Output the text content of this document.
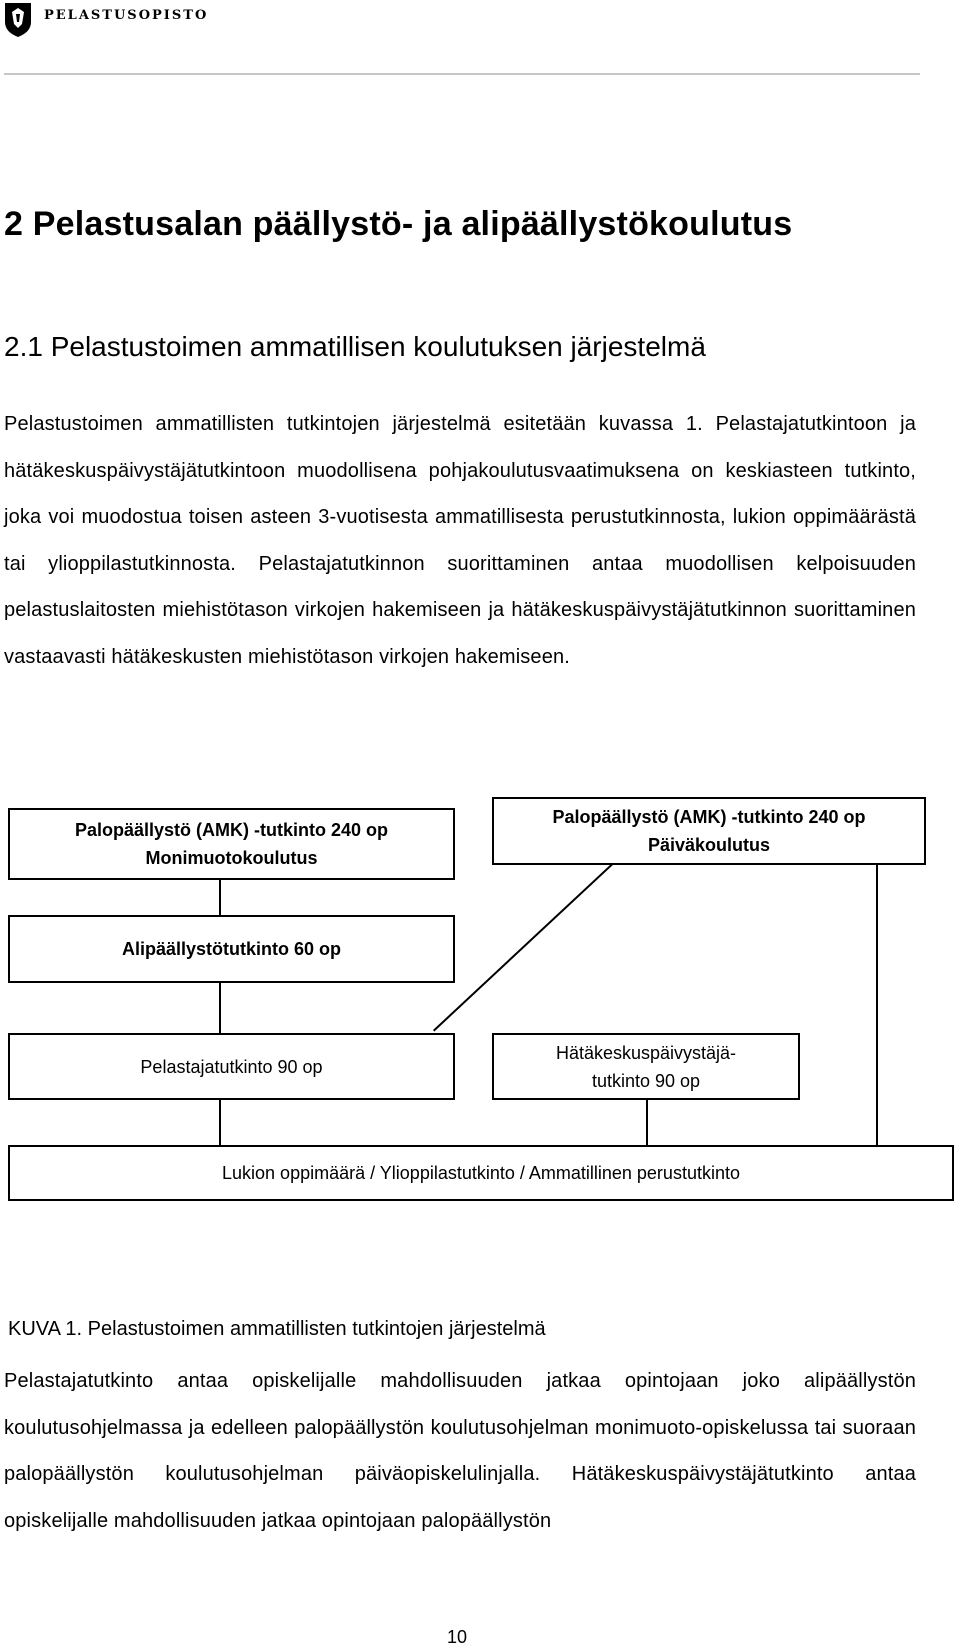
PELASTUSOPISTO
2 Pelastusalan päällystö- ja alipäällystökoulutus
2.1 Pelastustoimen ammatillisen koulutuksen järjestelmä

Pelastustoimen ammatillisten tutkintojen järjestelmä esitetään kuvassa 1. Pelastajatutkintoon ja hätäkeskuspäivystäjätutkintoon muodollisena pohjakoulutusvaatimuksena on keskiasteen tutkinto, joka voi muodostua toisen asteen 3-vuotisesta ammatillisesta perustutkinnosta, lukion oppimäärästä tai ylioppilastutkinnosta. Pelastajatutkinnon suorittaminen antaa muodollisen kelpoisuuden pelastuslaitosten miehistötason virkojen hakemiseen ja hätäkeskuspäivystäjätutkinnon suorittaminen vastaavasti hätäkeskusten miehistötason virkojen hakemiseen.

Palopäällystö (AMK) -tutkinto 240 op
Monimuotokoulutus
Palopäällystö (AMK) -tutkinto 240 op
Päiväkoulutus
Alipäällystötutkinto 60 op
Pelastajatutkinto 90 op
Hätäkeskuspäivystäjä-
tutkinto 90 op
Lukion oppimäärä / Ylioppilastutkinto / Ammatillinen perustutkinto
KUVA 1. Pelastustoimen ammatillisten tutkintojen järjestelmä

Pelastajatutkinto antaa opiskelijalle mahdollisuuden jatkaa opintojaan joko alipäällystön koulutusohjelmassa ja edelleen palopäällystön koulutusohjelman monimuoto-opiskelussa tai suoraan palopäällystön koulutusohjelman päiväopiskelulinjalla. Hätäkeskuspäivystäjätutkinto antaa opiskelijalle mahdollisuuden jatkaa opintojaan palopäällystön

10
